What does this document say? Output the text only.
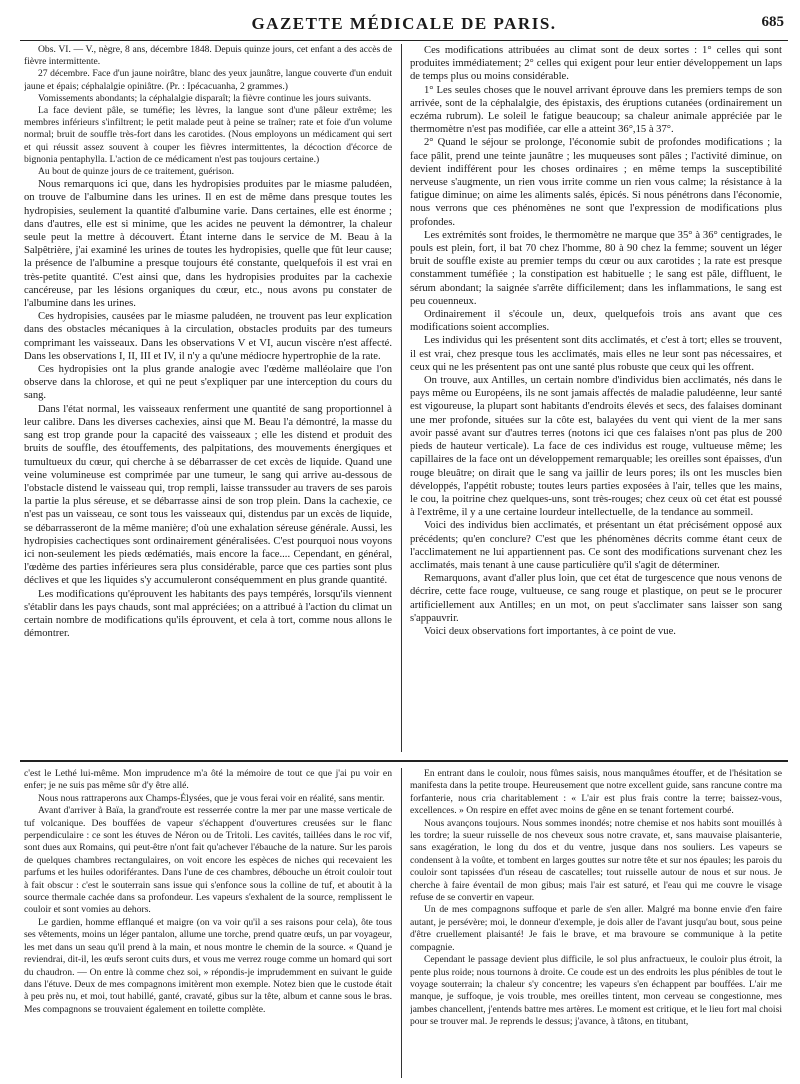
GAZETTE MÉDICALE DE PARIS.	685

Obs. VI. — V., nègre, 8 ans, décembre 1848. Depuis quinze jours, cet enfant a des accès de fièvre intermittente.

27 décembre. Face d'un jaune noirâtre, blanc des yeux jaunâtre, langue couverte d'un enduit jaune et épais; céphalalgie opiniâtre. (Pr. : Ipécacuanha, 2 grammes.)

Vomissements abondants; la céphalalgie disparaît; la fièvre continue les jours suivants.

La face devient pâle, se tuméfie; les lèvres, la langue sont d'une pâleur extrême; les membres inférieurs s'infiltrent; le petit malade peut à peine se traîner; rate et foie d'un volume normal; bruit de souffle très-fort dans les carotides. (Nous employons un médicament qui sert et qui réussit assez souvent à couper les fièvres intermittentes, la décoction d'écorce de bignonia pentaphylla. L'action de ce médicament n'est pas toujours certaine.)

Au bout de quinze jours de ce traitement, guérison.

Nous remarquons ici que, dans les hydropisies produites par le miasme paludéen, on trouve de l'albumine dans les urines. Il en est de même dans presque toutes les hydropisies, seulement la quantité d'albumine varie. Dans certaines, elle est énorme ; dans d'autres, elle est si minime, que les acides ne peuvent la démontrer, la chaleur seule peut la mettre à découvert. Étant interne dans le service de M. Beau à la Salpêtrière, j'ai examiné les urines de toutes les hydropisies, quelle que fût leur cause; la présence de l'albumine a presque toujours été constante, quelquefois il est vrai en très-petite quantité. C'est ainsi que, dans les hydropisies produites par la cachexie cancéreuse, par les lésions organiques du cœur, etc., nous avons pu constater de l'albumine dans les urines.

Ces hydropisies, causées par le miasme paludéen, ne trouvent pas leur explication dans des obstacles mécaniques à la circulation, obstacles produits par des tumeurs comprimant les vaisseaux. Dans les observations V et VI, aucun viscère n'est affecté. Dans les observations I, II, III et IV, il n'y a qu'une médiocre hypertrophie de la rate.

Ces hydropisies ont la plus grande analogie avec l'œdème malléolaire que l'on observe dans la chlorose, et qui ne peut s'expliquer par une interception du cours du sang.

Dans l'état normal, les vaisseaux renferment une quantité de sang proportionnel à leur calibre. Dans les diverses cachexies, ainsi que M. Beau l'a démontré, la masse du sang est trop grande pour la capacité des vaisseaux ; elle les distend et produit des bruits de souffle, des étouffements, des palpitations, des mouvements énergiques et tumultueux du cœur, qui cherche à se débarrasser de cet excès de liquide. Quand une veine volumineuse est comprimée par une tumeur, le sang qui arrive au-dessous de l'obstacle distend le vaisseau qui, trop rempli, laisse transsuder au travers de ses parois la partie la plus séreuse, et se débarrasse ainsi de son trop plein. Dans la cachexie, ce n'est pas un vaisseau, ce sont tous les vaisseaux qui, distendus par un excès de liquide, se débarrasseront de la même manière; d'où une exhalation séreuse générale. Aussi, les hydropisies cachectiques sont ordinairement généralisées. C'est pourquoi nous voyons ici non-seulement les pieds œdématiés, mais encore la face.... Cependant, en général, l'œdème des parties inférieures sera plus considérable, parce que ces parties sont plus déclives et que les liquides s'y accumuleront conséquemment en plus grande quantité.

Les modifications qu'éprouvent les habitants des pays tempérés, lorsqu'ils viennent s'établir dans les pays chauds, sont mal appréciées; on a attribué à l'action du climat un certain nombre de modifications qu'ils éprouvent, et cela à tort, comme nous allons le démontrer.

Ces modifications attribuées au climat sont de deux sortes : 1° celles qui sont produites immédiatement; 2° celles qui exigent pour leur entier développement un laps de temps plus ou moins considérable.

1° Les seules choses que le nouvel arrivant éprouve dans les premiers temps de son arrivée, sont de la céphalalgie, des épistaxis, des éruptions cutanées (ordinairement un eczéma rubrum). Le soleil le fatigue beaucoup; sa chaleur animale appréciée par le thermomètre n'est pas modifiée, car elle a atteint 36°,15 à 37°.

2° Quand le séjour se prolonge, l'économie subit de profondes modifications ; la face pâlit, prend une teinte jaunâtre ; les muqueuses sont pâles ; l'activité diminue, on devient indifférent pour les choses ordinaires ; en même temps la susceptibilité nerveuse s'augmente, un rien vous irrite comme un rien vous calme; la résistance à la fatigue diminue; on aime les aliments salés, épicés. Si nous pénétrons dans l'économie, nous verrons que ces phénomènes ne sont que l'expression de modifications plus profondes.

Les extrémités sont froides, le thermomètre ne marque que 35° à 36° centigrades, le pouls est plein, fort, il bat 70 chez l'homme, 80 à 90 chez la femme; souvent un léger bruit de souffle existe au premier temps du cœur ou aux carotides ; la rate est presque constamment tuméfiée ; la constipation est habituelle ; le sang est pâle, diffluent, le sérum abondant; la saignée s'arrête difficilement; dans les inflammations, le sang est peu couenneux.

Ordinairement il s'écoule un, deux, quelquefois trois ans avant que ces modifications soient accomplies.

Les individus qui les présentent sont dits acclimatés, et c'est à tort; elles se trouvent, il est vrai, chez presque tous les acclimatés, mais elles ne leur sont pas nécessaires, et ceux qui ne les présentent pas ont une santé plus robuste que ceux qui les offrent.

On trouve, aux Antilles, un certain nombre d'individus bien acclimatés, nés dans le pays même ou Européens, ils ne sont jamais affectés de maladie paludéenne, leur santé est vigoureuse, la plupart sont habitants d'endroits élevés et secs, des falaises dominant une mer profonde, situées sur la côte est, balayées du vent qui vient de la mer sans avoir passé avant sur d'autres terres (notons ici que ces falaises n'ont pas plus de 200 pieds de hauteur verticale). La face de ces individus est rouge, vultueuse même; les capillaires de la face ont un développement remarquable; les oreilles sont épaisses, d'un rouge bleuâtre; on dirait que le sang va jaillir de leurs pores; ils ont les muscles bien développés, l'appétit robuste; toutes leurs parties exposées à l'air, telles que les mains, le cou, la poitrine chez quelques-uns, sont très-rouges; chez ceux où cet état est poussé à l'extrême, il y a une certaine lourdeur intellectuelle, de la tendance au sommeil.

Voici des individus bien acclimatés, et présentant un état précisément opposé aux précédents; qu'en conclure? C'est que les phénomènes décrits comme étant ceux de l'acclimatement ne lui appartiennent pas. Ce sont des modifications survenant chez les acclimatés, mais tenant à une cause particulière qu'il s'agit de déterminer.

Remarquons, avant d'aller plus loin, que cet état de turgescence que nous venons de décrire, cette face rouge, vultueuse, ce sang rouge et plastique, on peut se le procurer artificiellement aux Antilles; en un mot, on peut s'acclimater sans laisser son sang s'appauvrir.

Voici deux observations fort importantes, à ce point de vue.

c'est le Lethé lui-même. Mon imprudence m'a ôté la mémoire de tout ce que j'ai pu voir en enfer; je ne suis pas même sûr d'y être allé.

Nous nous rattraperons aux Champs-Élysées, que je vous ferai voir en réalité, sans mentir.

Avant d'arriver à Baïa, la grand'route est resserrée contre la mer par une masse verticale de tuf volcanique. Des bouffées de vapeur s'échappent d'ouvertures creusées sur le flanc perpendiculaire : ce sont les étuves de Néron ou de Tritoli. Les cavités, taillées dans le roc vif, sont dues aux Romains, qui peut-être n'ont fait qu'achever l'ébauche de la nature. Sur les parois de quelques chambres rectangulaires, on voit encore les espèces de niches qui recevaient les parfums et les huiles odoriférantes. Dans l'une de ces chambres, débouche un étroit couloir tout à fait obscur : c'est le souterrain sans issue qui s'enfonce sous la colline de tuf, et aboutit à la source thermale cachée dans sa profondeur. Les vapeurs s'exhalent de la source, remplissent le couloir et sont vomies au dehors.

Le gardien, homme efflanqué et maigre (on va voir qu'il a ses raisons pour cela), ôte tous ses vêtements, moins un léger pantalon, allume une torche, prend quatre œufs, un par voyageur, les met dans un seau qu'il prend à la main, et nous montre le chemin de la source. « Quand je reviendrai, dit-il, les œufs seront cuits durs, et vous me verrez rouge comme un homard qui sort du chaudron. — On entre là comme chez soi, » répondis-je imprudemment en suivant le guide dans l'étuve. Deux de mes compagnons imitèrent mon exemple. Notez bien que le custode était à peu près nu, et moi, tout habillé, ganté, cravaté, gibus sur la tête, album et canne sous le bras. Mes compagnons se trouvaient également en toilette complète.

En entrant dans le couloir, nous fûmes saisis, nous manquâmes étouffer, et de l'hésitation se manifesta dans la petite troupe. Heureusement que notre excellent guide, sans rancune contre ma forfanterie, nous cria charitablement : « L'air est plus frais contre la terre; baissez-vous, excellences. » On respire en effet avec moins de gêne en se tenant fortement courbé.

Nous avançons toujours. Nous sommes inondés; notre chemise et nos habits sont mouillés à les tordre; la sueur ruisselle de nos cheveux sous notre cravate, et, sans mauvaise plaisanterie, sans exagération, le long du dos et du ventre, jusque dans nos souliers. Les vapeurs se condensent à la voûte, et tombent en larges gouttes sur notre tête et sur nos épaules; les parois du couloir sont tapissées d'un réseau de cascatelles; tout ruisselle autour de nous et sur nous. Je cherche à faire éventail de mon gibus; mais l'air est saturé, et l'eau qui me couvre le visage refuse de se convertir en vapeur.

Un de mes compagnons suffoque et parle de s'en aller. Malgré ma bonne envie d'en faire autant, je persévère; moi, le donneur d'exemple, je dois aller de l'avant jusqu'au bout, sous peine d'être cruellement plaisanté! Je fais le brave, et ma bravoure se communique à la petite compagnie.

Cependant le passage devient plus difficile, le sol plus anfractueux, le couloir plus étroit, la pente plus roide; nous tournons à droite. Ce coude est un des endroits les plus pénibles de tout le voyage souterrain; la chaleur s'y concentre; les vapeurs s'en échappent par bouffées. L'air me manque, je suffoque, je vois trouble, mes oreilles tintent, mon cerveau se congestionne, mes jambes chancellent, j'entends battre mes artères. Le moment est critique, et le lieu fort mal choisi pour se trouver mal. Je reprends le dessus; j'avance, à tâtons, en titubant,
